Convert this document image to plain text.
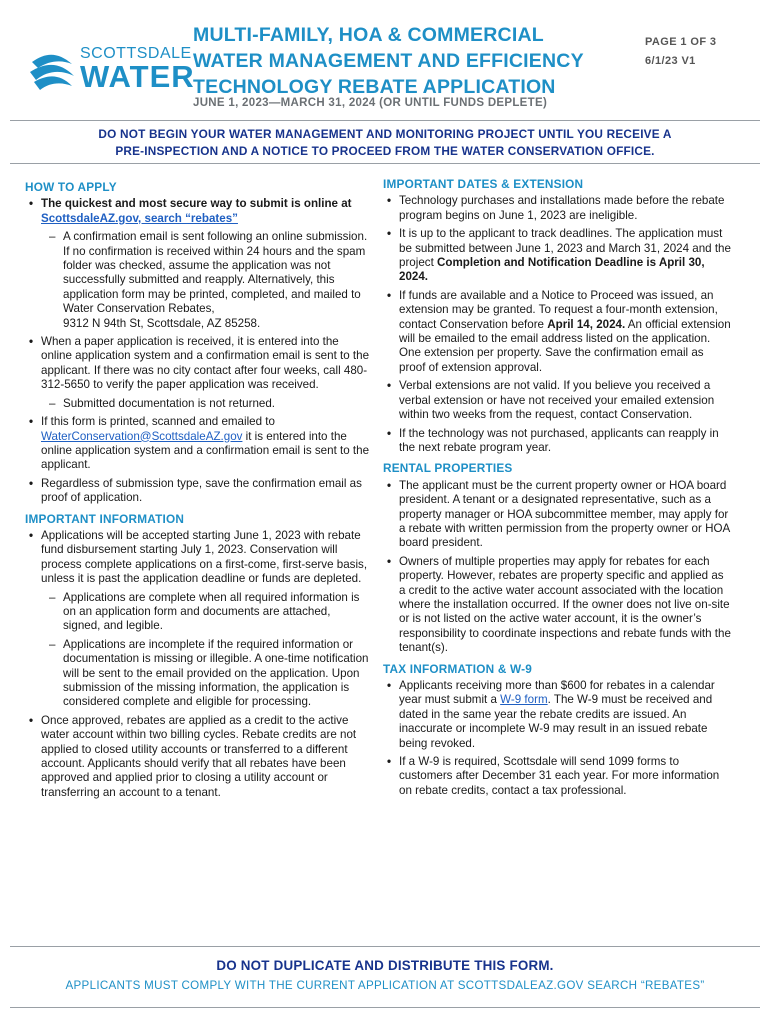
SCOTTSDALE
WATER
MULTI-FAMILY, HOA & COMMERCIAL
WATER MANAGEMENT AND EFFICIENCY
TECHNOLOGY REBATE APPLICATION
JUNE 1, 2023—MARCH 31, 2024 (OR UNTIL FUNDS DEPLETE)
PAGE 1 OF 3
6/1/23 V1
DO NOT BEGIN YOUR WATER MANAGEMENT AND MONITORING PROJECT UNTIL YOU RECEIVE A
PRE-INSPECTION AND A NOTICE TO PROCEED FROM THE WATER CONSERVATION OFFICE.
HOW TO APPLY
• The quickest and most secure way to submit is online at ScottsdaleAZ.gov, search “rebates”
– A confirmation email is sent following an online submission. If no confirmation is received within 24 hours and the spam folder was checked, assume the application was not successfully submitted and reapply. Alternatively, this application form may be printed, completed, and mailed to Water Conservation Rebates,
9312 N 94th St, Scottsdale, AZ 85258.
• When a paper application is received, it is entered into the online application system and a confirmation email is sent to the applicant. If there was no city contact after four weeks, call 480-312-5650 to verify the paper application was received.
– Submitted documentation is not returned.
• If this form is printed, scanned and emailed to WaterConservation@ScottsdaleAZ.gov it is entered into the online application system and a confirmation email is sent to the applicant.
• Regardless of submission type, save the confirmation email as proof of application.
IMPORTANT INFORMATION
• Applications will be accepted starting June 1, 2023 with rebate fund disbursement starting July 1, 2023. Conservation will process complete applications on a first-come, first-serve basis, unless it is past the application deadline or funds are depleted.
– Applications are complete when all required information is on an application form and documents are attached, signed, and legible.
– Applications are incomplete if the required information or documentation is missing or illegible. A one-time notification will be sent to the email provided on the application. Upon submission of the missing information, the application is considered complete and eligible for processing.
• Once approved, rebates are applied as a credit to the active water account within two billing cycles. Rebate credits are not applied to closed utility accounts or transferred to a different account. Applicants should verify that all rebates have been approved and applied prior to closing a utility account or transferring an account to a tenant.
IMPORTANT DATES & EXTENSION
• Technology purchases and installations made before the rebate program begins on June 1, 2023 are ineligible.
• It is up to the applicant to track deadlines. The application must be submitted between June 1, 2023 and March 31, 2024 and the project Completion and Notification Deadline is April 30, 2024.
• If funds are available and a Notice to Proceed was issued, an extension may be granted. To request a four-month extension, contact Conservation before April 14, 2024. An official extension will be emailed to the email address listed on the application. One extension per property. Save the confirmation email as proof of extension approval.
• Verbal extensions are not valid. If you believe you received a verbal extension or have not received your emailed extension within two weeks from the request, contact Conservation.
• If the technology was not purchased, applicants can reapply in the next rebate program year.
RENTAL PROPERTIES
• The applicant must be the current property owner or HOA board president. A tenant or a designated representative, such as a property manager or HOA subcommittee member, may apply for a rebate with written permission from the property owner or HOA board president.
• Owners of multiple properties may apply for rebates for each property. However, rebates are property specific and applied as a credit to the active water account associated with the location where the installation occurred. If the owner does not live on-site or is not listed on the active water account, it is the owner’s responsibility to coordinate inspections and rebate funds with the tenant(s).
TAX INFORMATION & W-9
• Applicants receiving more than $600 for rebates in a calendar year must submit a W-9 form. The W-9 must be received and dated in the same year the rebate credits are issued. An inaccurate or incomplete W-9 may result in an issued rebate being revoked.
• If a W-9 is required, Scottsdale will send 1099 forms to customers after December 31 each year. For more information on rebate credits, contact a tax professional.
DO NOT DUPLICATE AND DISTRIBUTE THIS FORM.
APPLICANTS MUST COMPLY WITH THE CURRENT APPLICATION AT SCOTTSDALEAZ.GOV SEARCH “REBATES”
